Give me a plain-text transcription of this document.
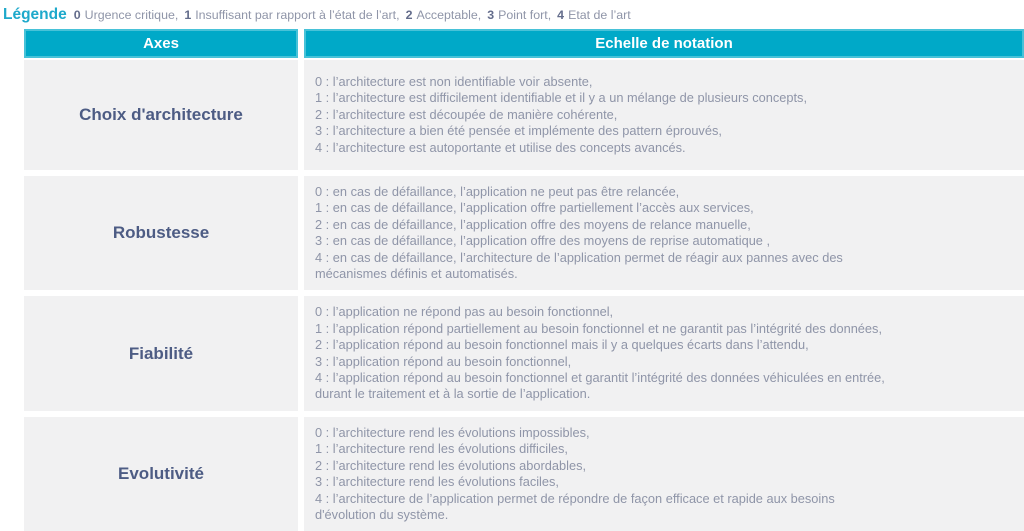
Légende 0 Urgence critique, 1 Insuffisant par rapport à l’état de l’art, 2 Acceptable, 3 Point fort, 4 Etat de l’art
Axes	Echelle de notation
Choix d'architecture
0 : l’architecture est non identifiable voir absente,
1 : l’architecture est difficilement identifiable et il y a un mélange de plusieurs concepts,
2 : l’architecture est découpée de manière cohérente,
3 : l’architecture a bien été pensée et implémente des pattern éprouvés,
4 : l’architecture est autoportante et utilise des concepts avancés.
Robustesse
0 : en cas de défaillance, l’application ne peut pas être relancée,
1 : en cas de défaillance, l’application offre partiellement l’accès aux services,
2 : en cas de défaillance, l’application offre des moyens de relance manuelle,
3 : en cas de défaillance, l’application offre des moyens de reprise automatique ,
4 : en cas de défaillance, l’architecture de l’application permet de réagir aux pannes avec des
mécanismes définis et automatisés.
Fiabilité
0 : l’application ne répond pas au besoin fonctionnel,
1 : l’application répond partiellement au besoin fonctionnel et ne garantit pas l’intégrité des données,
2 : l’application répond au besoin fonctionnel mais il y a quelques écarts dans l’attendu,
3 : l’application répond au besoin fonctionnel,
4 : l’application répond au besoin fonctionnel et garantit l’intégrité des données véhiculées en entrée,
durant le traitement et à la sortie de l’application.
Evolutivité
0 : l’architecture rend les évolutions impossibles,
1 : l’architecture rend les évolutions difficiles,
2 : l’architecture rend les évolutions abordables,
3 : l’architecture rend les évolutions faciles,
4 : l’architecture de l’application permet de répondre de façon efficace et rapide aux besoins
d'évolution du système.
